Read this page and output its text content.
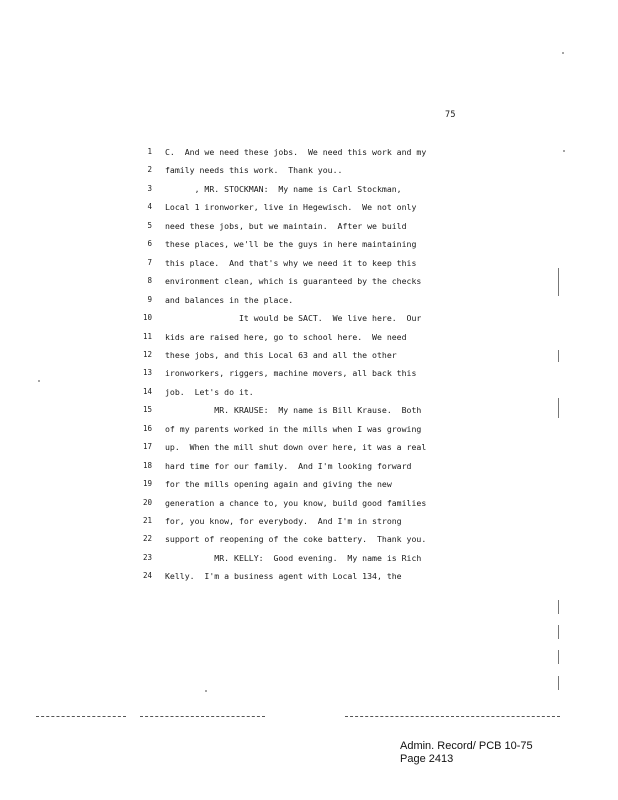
75
1 C.  And we need these jobs.  We need this work and my
2 family needs this work.  Thank you..
3 , MR. STOCKMAN:  My name is Carl Stockman,
4 Local 1 ironworker, live in Hegewisch.  We not only
5 need these jobs, but we maintain.  After we build
6 these places, we'll be the guys in here maintaining
7 this place.  And that's why we need it to keep this
8 environment clean, which is guaranteed by the checks
9 and balances in the place.
10 It would be SACT.  We live here.  Our
11 kids are raised here, go to school here.  We need
12 these jobs, and this Local 63 and all the other
13 ironworkers, riggers, machine movers, all back this
14 job.  Let's do it.
15 MR. KRAUSE:  My name is Bill Krause.  Both
16 of my parents worked in the mills when I was growing
17 up.  When the mill shut down over here, it was a real
18 hard time for our family.  And I'm looking forward
19 for the mills opening again and giving the new
20 generation a chance to, you know, build good families
21 for, you know, for everybody.  And I'm in strong
22 support of reopening of the coke battery.  Thank you.
23 MR. KELLY:  Good evening.  My name is Rich
24 Kelly.  I'm a business agent with Local 134, the
Admin. Record/ PCB 10-75
Page 2413
